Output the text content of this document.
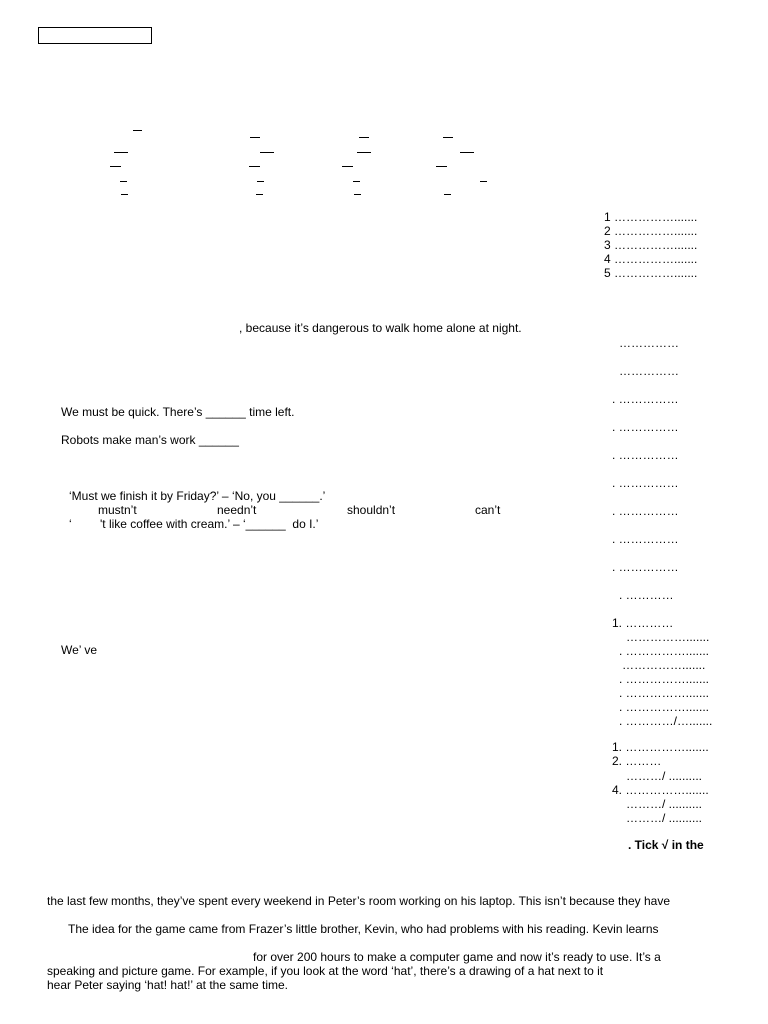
1 …………….......
2 …………….......
3 …………….......
4 …………….......
5 …………….......
, because it’s dangerous to walk home alone at night.
……………
……………
. ……………
. ……………
. ……………
. ……………
. ……………
. ……………
. ……………
. …………
We must be quick. There’s ______ time left.
Robots make man’s work ______
‘Must we finish it by Friday?’ – ‘No, you ______.’
mustn’t	needn’t	shouldn’t	can’t
‘ 't like coffee with cream.’ – ‘______  do I.’
1. …………
We’ ve
…………….......
. …………….......
…………….......
. …………….......
. …………….......
. …………….......
. …………/….......
1. …………….......
2. ………
………/ ..........
4. …………….......
………/ ..........
………/ ..........
. Tick √ in the
the last few months, they’ve spent every weekend in Peter’s room working on his laptop. This isn’t because they have
The idea for the game came from Frazer’s little brother, Kevin, who had problems with his reading. Kevin learns
for over 200 hours to make a computer game and now it’s ready to use. It’s a
speaking and picture game. For example, if you look at the word ‘hat’, there’s a drawing of a hat next to it
hear Peter saying ‘hat! hat!’ at the same time.
